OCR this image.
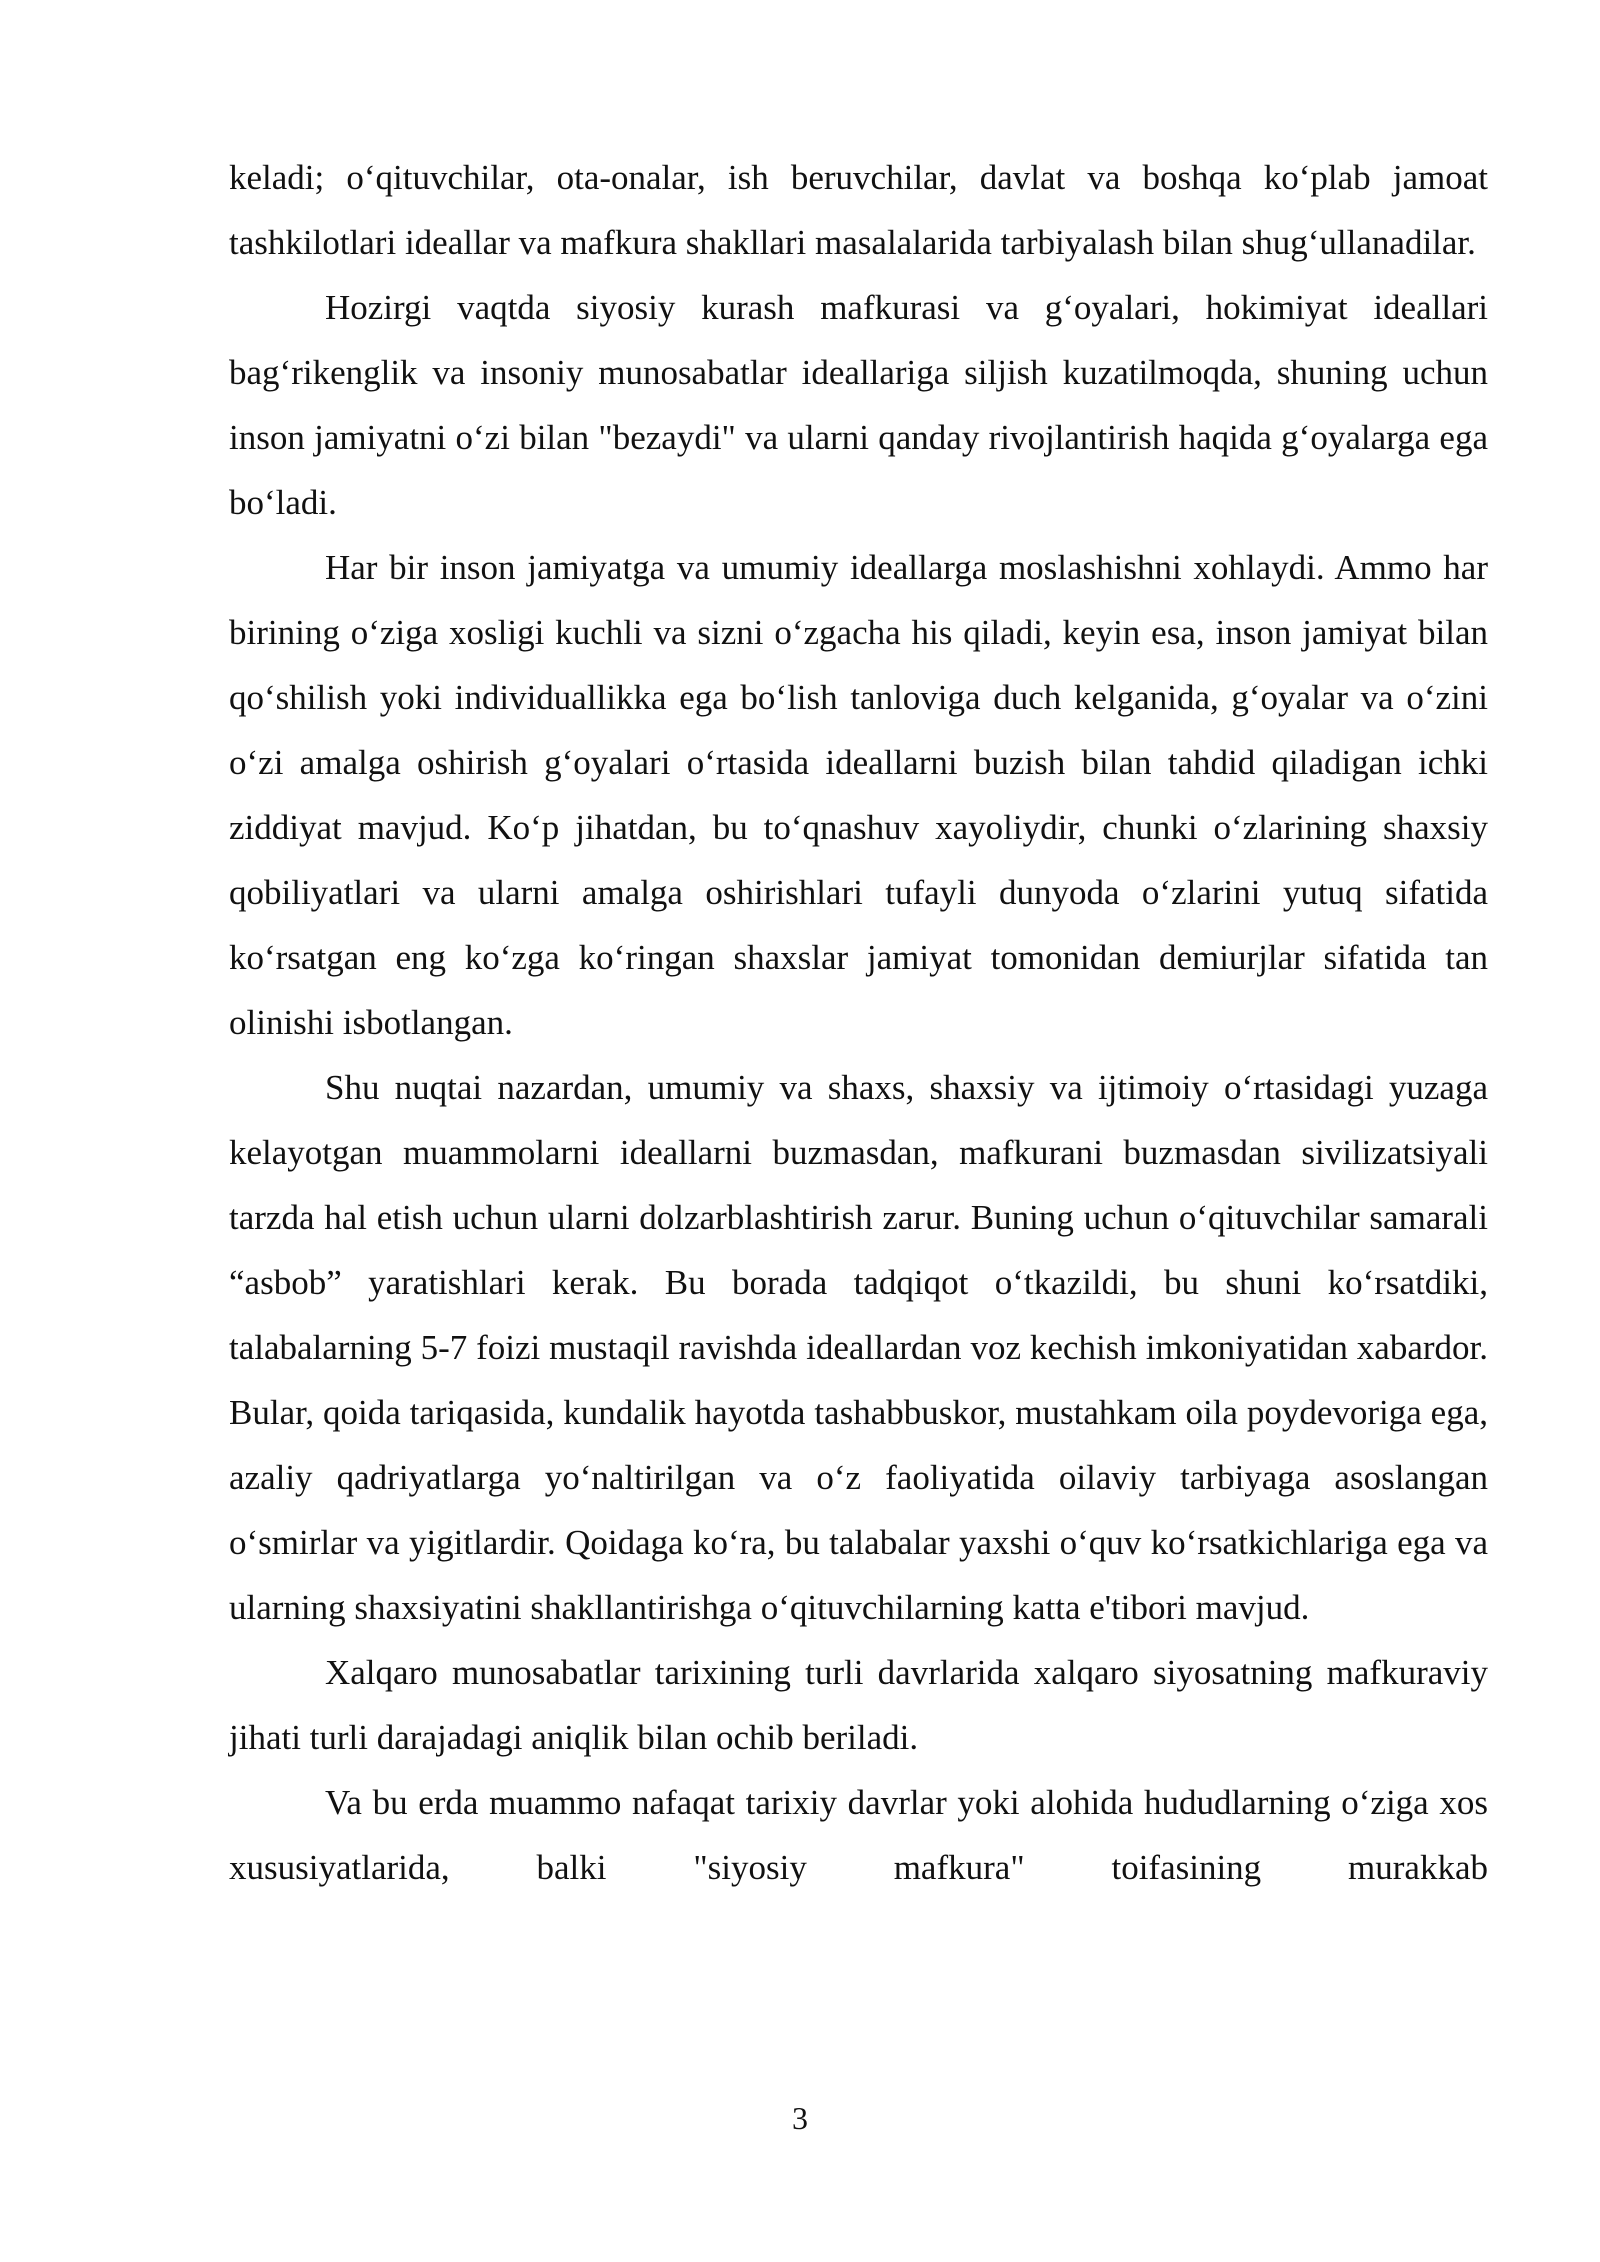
keladi; o‘qituvchilar, ota-onalar, ish beruvchilar, davlat va boshqa ko‘plab jamoat tashkilotlari ideallar va mafkura shakllari masalalarida tarbiyalash bilan shug‘ullanadilar.

Hozirgi vaqtda siyosiy kurash mafkurasi va g‘oyalari, hokimiyat ideallari bag‘rikenglik va insoniy munosabatlar ideallariga siljish kuzatilmoqda, shuning uchun inson jamiyatni o‘zi bilan "bezaydi" va ularni qanday rivojlantirish haqida g‘oyalarga ega bo‘ladi.

Har bir inson jamiyatga va umumiy ideallarga moslashishni xohlaydi. Ammo har birining o‘ziga xosligi kuchli va sizni o‘zgacha his qiladi, keyin esa, inson jamiyat bilan qo‘shilish yoki individuallikka ega bo‘lish tanloviga duch kelganida, g‘oyalar va o‘zini o‘zi amalga oshirish g‘oyalari o‘rtasida ideallarni buzish bilan tahdid qiladigan ichki ziddiyat mavjud. Ko‘p jihatdan, bu to‘qnashuv xayoliydir, chunki o‘zlarining shaxsiy qobiliyatlari va ularni amalga oshirishlari tufayli dunyoda o‘zlarini yutuq sifatida ko‘rsatgan eng ko‘zga ko‘ringan shaxslar jamiyat tomonidan demiurjlar sifatida tan olinishi isbotlangan.

Shu nuqtai nazardan, umumiy va shaxs, shaxsiy va ijtimoiy o‘rtasidagi yuzaga kelayotgan muammolarni ideallarni buzmasdan, mafkurani buzmasdan sivilizatsiyali tarzda hal etish uchun ularni dolzarblashtirish zarur. Buning uchun o‘qituvchilar samarali “asbob” yaratishlari kerak. Bu borada tadqiqot o‘tkazildi, bu shuni ko‘rsatdiki, talabalarning 5-7 foizi mustaqil ravishda ideallardan voz kechish imkoniyatidan xabardor. Bular, qoida tariqasida, kundalik hayotda tashabbuskor, mustahkam oila poydevoriga ega, azaliy qadriyatlarga yo‘naltirilgan va o‘z faoliyatida oilaviy tarbiyaga asoslangan o‘smirlar va yigitlardir. Qoidaga ko‘ra, bu talabalar yaxshi o‘quv ko‘rsatkichlariga ega va ularning shaxsiyatini shakllantirishga o‘qituvchilarning katta e'tibori mavjud.

Xalqaro munosabatlar tarixining turli davrlarida xalqaro siyosatning mafkuraviy jihati turli darajadagi aniqlik bilan ochib beriladi.

Va bu erda muammo nafaqat tarixiy davrlar yoki alohida hududlarning o‘ziga xos xususiyatlarida, balki "siyosiy mafkura" toifasining murakkab

3
